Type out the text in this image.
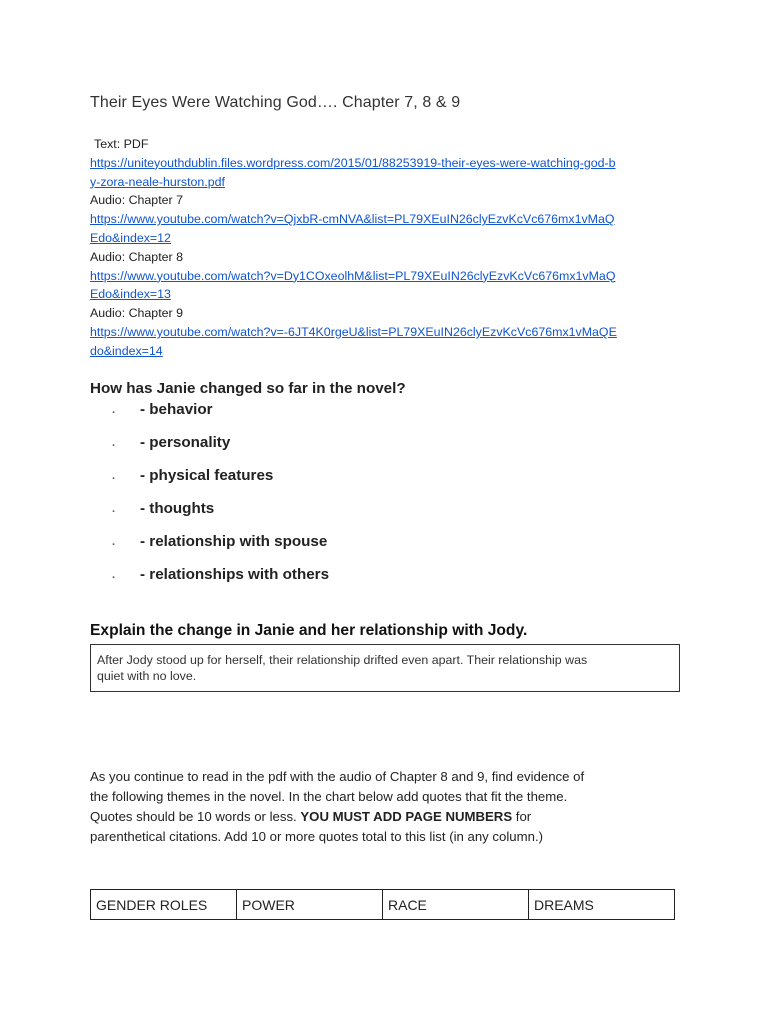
Their Eyes Were Watching God…. Chapter 7, 8 & 9
Text: PDF
https://uniteyouthdublin.files.wordpress.com/2015/01/88253919-their-eyes-were-watching-god-b
y-zora-neale-hurston.pdf
Audio: Chapter 7
https://www.youtube.com/watch?v=QjxbR-cmNVA&list=PL79XEuIN26clyEzvKcVc676mx1vMaQ
Edo&index=12
Audio: Chapter 8
https://www.youtube.com/watch?v=Dy1COxeolhM&list=PL79XEuIN26clyEzvKcVc676mx1vMaQ
Edo&index=13
Audio: Chapter 9
https://www.youtube.com/watch?v=-6JT4K0rgeU&list=PL79XEuIN26clyEzvKcVc676mx1vMaQE
do&index=14
How has Janie changed so far in the novel?
. - behavior
. - personality
. - physical features
. - thoughts
. - relationship with spouse
. - relationships with others
Explain the change in Janie and her relationship with Jody.
After Jody stood up for herself, their relationship drifted even apart. Their relationship was
quiet with no love.
As you continue to read in the pdf with the audio of Chapter 8 and 9, find evidence of
the following themes in the novel. In the chart below add quotes that fit the theme.
Quotes should be 10 words or less. YOU MUST ADD PAGE NUMBERS for
parenthetical citations. Add 10 or more quotes total to this list (in any column.)
GENDER ROLES	POWER	RACE	DREAMS
